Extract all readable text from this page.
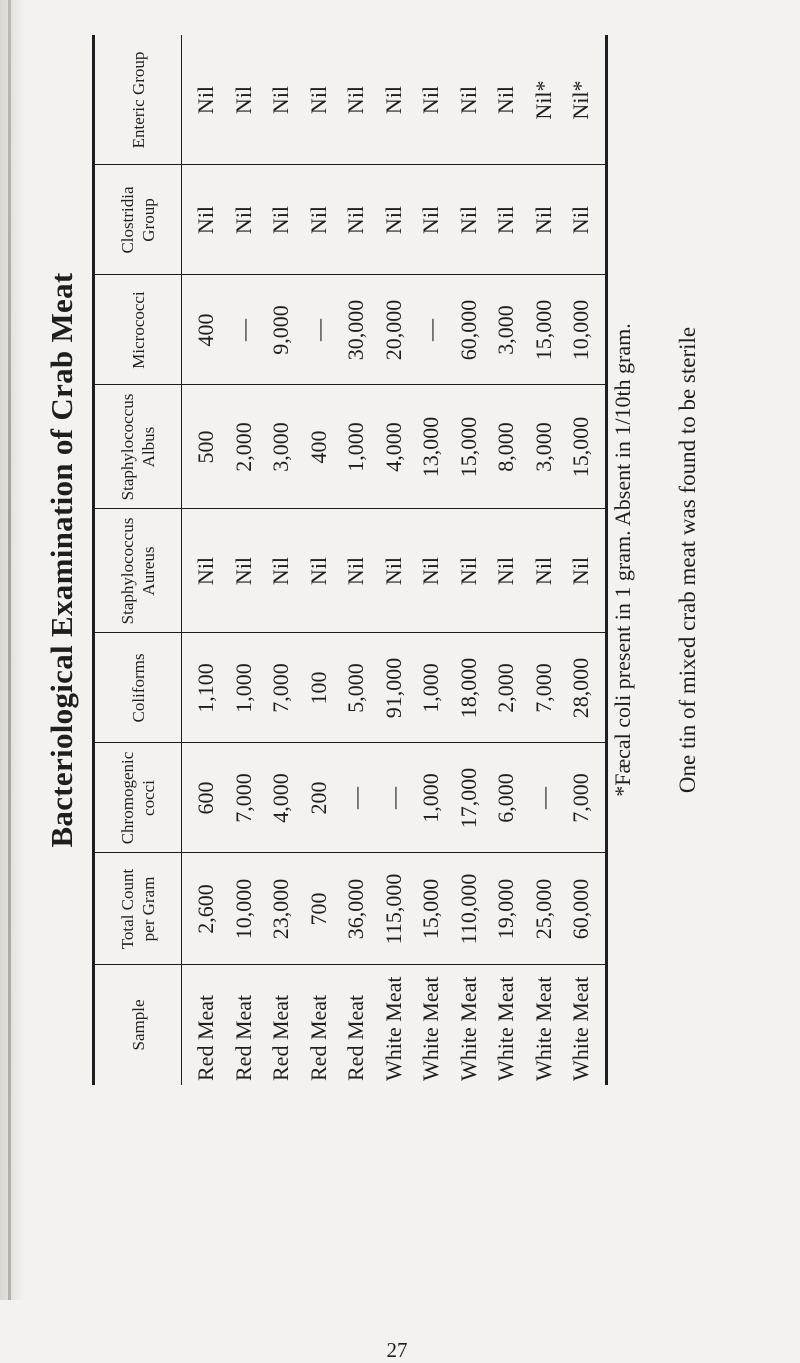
Bacteriological Examination of Crab Meat
Sample
Total Count per Gram
Chromogenic cocci
Coliforms
Staphylococcus Aureus
Staphylococcus Albus
Micrococci
Clostridia Group
Enteric Group
Red Meat
2,600
600
1,100
Nil
500
400
Nil
Nil
Red Meat
10,000
7,000
1,000
Nil
2,000
—
Nil
Nil
Red Meat
23,000
4,000
7,000
Nil
3,000
9,000
Nil
Nil
Red Meat
700
200
100
Nil
400
—
Nil
Nil
Red Meat
36,000
—
5,000
Nil
1,000
30,000
Nil
Nil
White Meat
115,000
—
91,000
Nil
4,000
20,000
Nil
Nil
White Meat
15,000
1,000
1,000
Nil
13,000
—
Nil
Nil
White Meat
110,000
17,000
18,000
Nil
15,000
60,000
Nil
Nil
White Meat
19,000
6,000
2,000
Nil
8,000
3,000
Nil
Nil
White Meat
25,000
—
7,000
Nil
3,000
15,000
Nil
Nil*
White Meat
60,000
7,000
28,000
Nil
15,000
10,000
Nil
Nil*
*Fæcal coli present in 1 gram. Absent in 1/10th gram. One tin of mixed crab meat was found to be sterile
27
